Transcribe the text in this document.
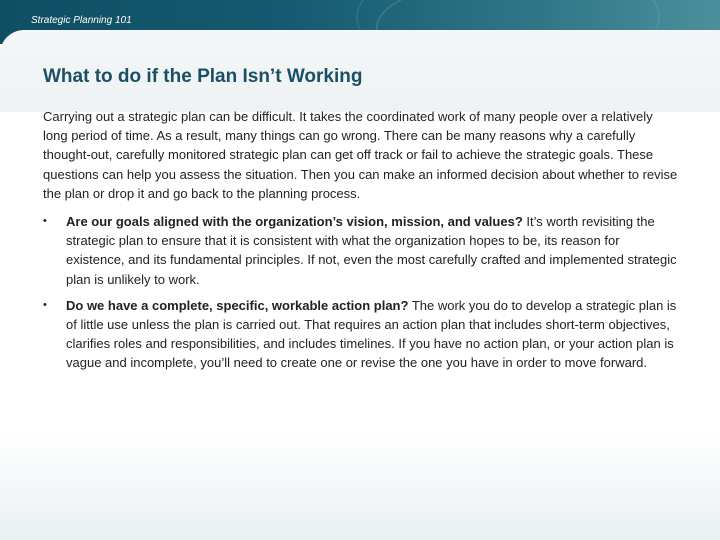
Strategic Planning 101
What to do if the Plan Isn’t Working

Carrying out a strategic plan can be difficult. It takes the coordinated work of many people over a relatively long period of time. As a result, many things can go wrong. There can be many reasons why a carefully thought-out, carefully monitored strategic plan can get off track or fail to achieve the strategic goals. These questions can help you assess the situation. Then you can make an informed decision about whether to revise the plan or drop it and go back to the planning process.

• Are our goals aligned with the organization’s vision, mission, and values? It’s worth revisiting the strategic plan to ensure that it is consistent with what the organization hopes to be, its reason for existence, and its fundamental principles. If not, even the most carefully crafted and implemented strategic plan is unlikely to work.
• Do we have a complete, specific, workable action plan? The work you do to develop a strategic plan is of little use unless the plan is carried out. That requires an action plan that includes short-term objectives, clarifies roles and responsibilities, and includes timelines. If you have no action plan, or your action plan is vague and incomplete, you’ll need to create one or revise the one you have in order to move forward.
